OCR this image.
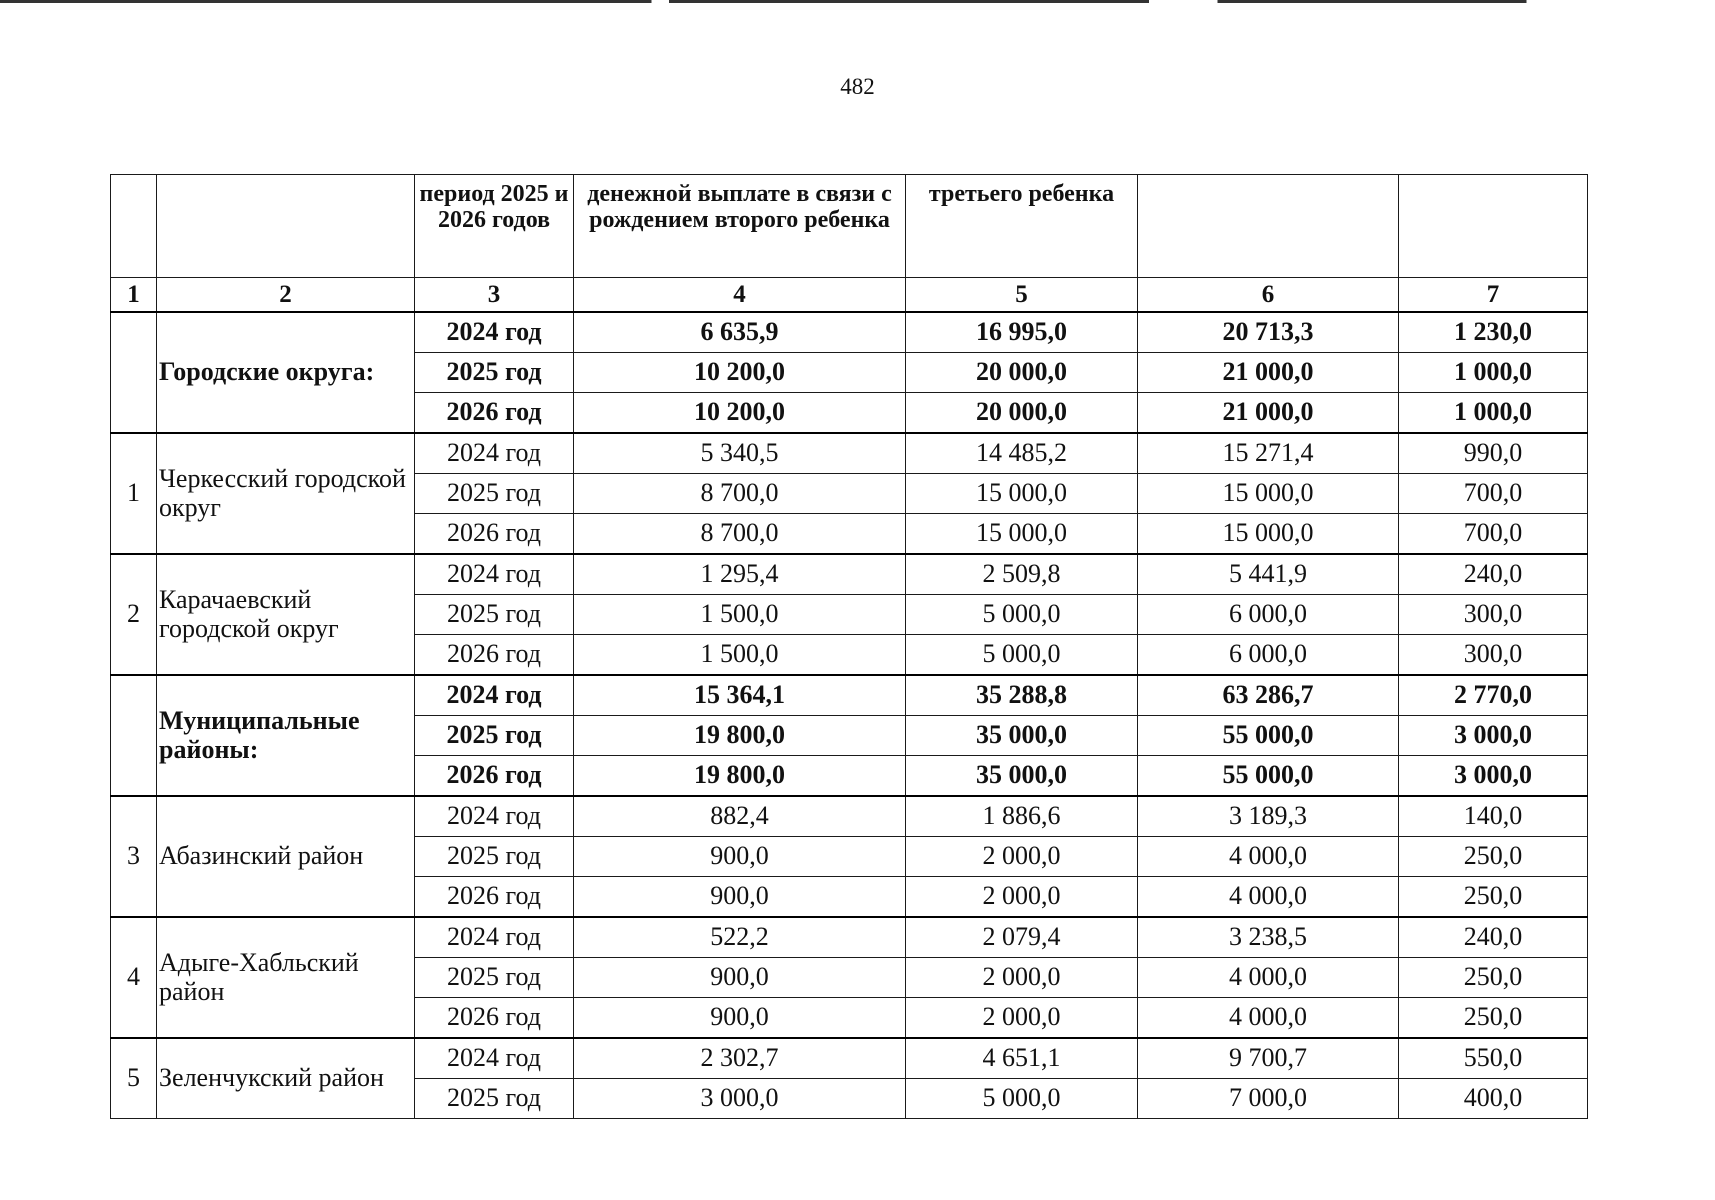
482
		период 2025 и 2026 годов	денежной выплате в связи с рождением второго ребенка	третьего ребенка		
1	2	3	4	5	6	7
	Городские округа:	2024 год	6 635,9	16 995,0	20 713,3	1 230,0
		2025 год	10 200,0	20 000,0	21 000,0	1 000,0
		2026 год	10 200,0	20 000,0	21 000,0	1 000,0
1	Черкесский городской округ	2024 год	5 340,5	14 485,2	15 271,4	990,0
		2025 год	8 700,0	15 000,0	15 000,0	700,0
		2026 год	8 700,0	15 000,0	15 000,0	700,0
2	Карачаевский городской округ	2024 год	1 295,4	2 509,8	5 441,9	240,0
		2025 год	1 500,0	5 000,0	6 000,0	300,0
		2026 год	1 500,0	5 000,0	6 000,0	300,0
	Муниципальные районы:	2024 год	15 364,1	35 288,8	63 286,7	2 770,0
		2025 год	19 800,0	35 000,0	55 000,0	3 000,0
		2026 год	19 800,0	35 000,0	55 000,0	3 000,0
3	Абазинский район	2024 год	882,4	1 886,6	3 189,3	140,0
		2025 год	900,0	2 000,0	4 000,0	250,0
		2026 год	900,0	2 000,0	4 000,0	250,0
4	Адыге-Хабльский район	2024 год	522,2	2 079,4	3 238,5	240,0
		2025 год	900,0	2 000,0	4 000,0	250,0
		2026 год	900,0	2 000,0	4 000,0	250,0
5	Зеленчукский район	2024 год	2 302,7	4 651,1	9 700,7	550,0
		2025 год	3 000,0	5 000,0	7 000,0	400,0
